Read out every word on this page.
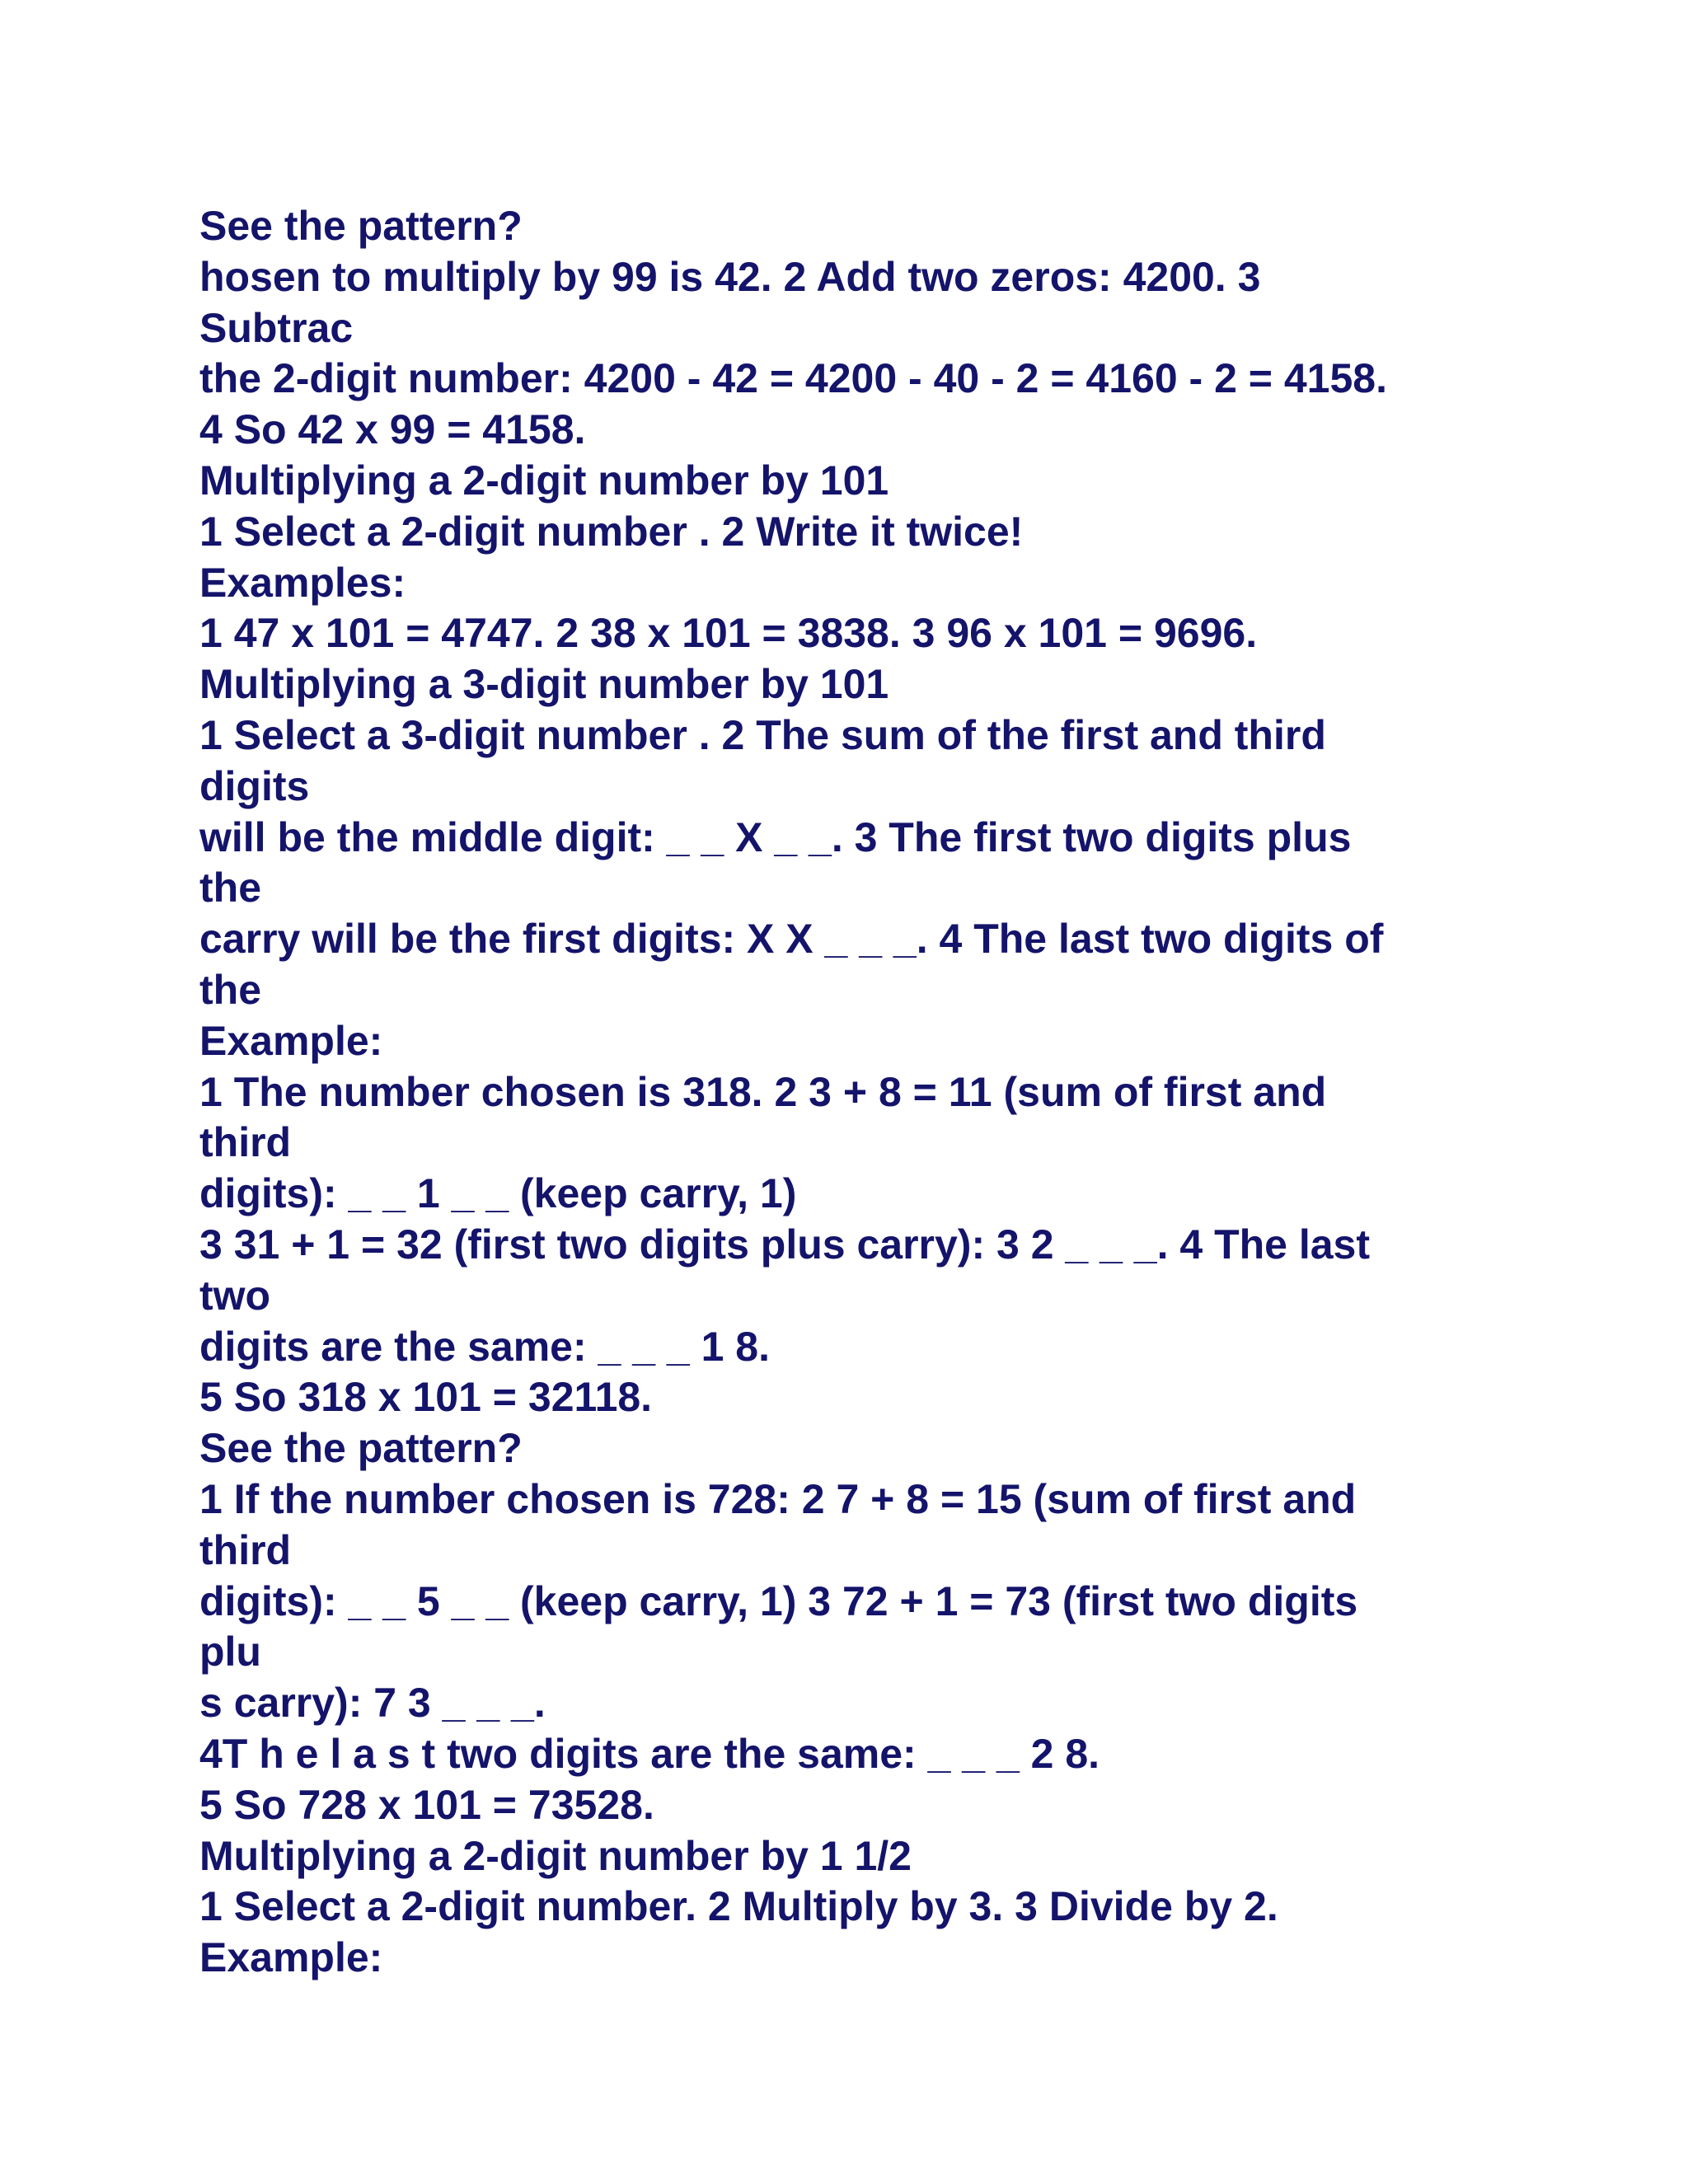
See the pattern?

hosen to multiply by 99 is 42. 2 Add two zeros: 4200. 3

Subtrac

the 2-digit number: 4200 - 42 = 4200 - 40 - 2 = 4160 - 2 = 4158.

4 So 42 x 99 = 4158.

Multiplying a 2-digit number by 101

1 Select a 2-digit number . 2 Write it twice!

Examples:

1 47 x 101 = 4747. 2 38 x 101 = 3838. 3 96 x 101 = 9696.

Multiplying a 3-digit number by 101

1 Select a 3-digit number . 2 The sum of the first and third

digits

will be the middle digit: _ _ X _ _. 3 The first two digits plus

the

carry will be the first digits: X X _ _ _. 4 The last two digits of

the

Example:

1 The number chosen is 318. 2 3 + 8 = 11 (sum of first and

third

digits): _ _ 1 _ _ (keep carry, 1)

3 31 + 1 = 32 (first two digits plus carry): 3 2 _ _ _. 4 The last

two

digits are the same: _ _ _ 1 8.

5 So 318 x 101 = 32118.

See the pattern?

1 If the number chosen is 728: 2 7 + 8 = 15 (sum of first and

third

digits): _ _ 5 _ _ (keep carry, 1) 3 72 + 1 = 73 (first two digits

plu

s carry): 7 3 _ _ _.

4T h e l a s t two digits are the same: _ _ _ 2 8.

5 So 728 x 101 = 73528.

Multiplying a 2-digit number by 1 1/2

1 Select a 2-digit number. 2 Multiply by 3. 3 Divide by 2.

Example:
